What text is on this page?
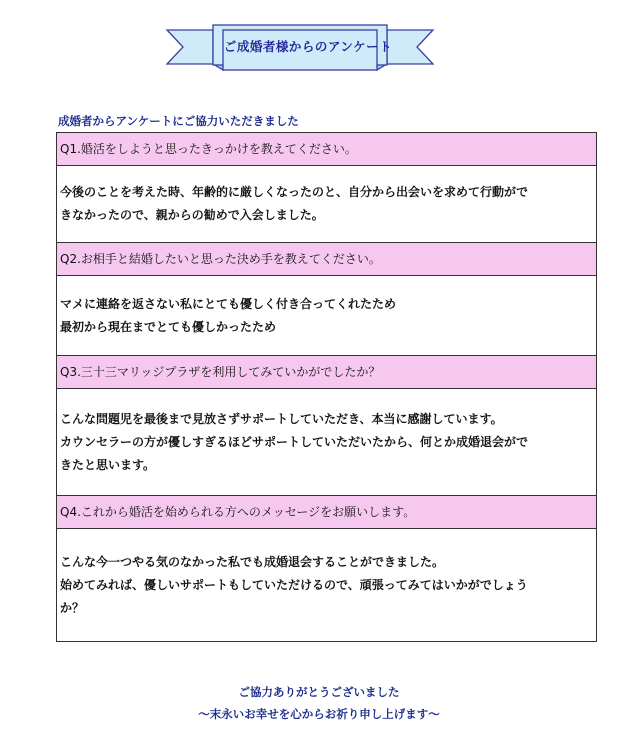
ご成婚者様からのアンケート
成婚者からアンケートにご協力いただきました
Q1.婚活をしようと思ったきっかけを教えてください。
今後のことを考えた時、年齢的に厳しくなったのと、自分から出会いを求めて行動がで
きなかったので、親からの勧めで入会しました。
Q2.お相手と結婚したいと思った決め手を教えてください。
マメに連絡を返さない私にとても優しく付き合ってくれたため
最初から現在までとても優しかったため
Q3.三十三マリッジプラザを利用してみていかがでしたか？
こんな問題児を最後まで見放さずサポートしていただき、本当に感謝しています。
カウンセラーの方が優しすぎるほどサポートしていただいたから、何とか成婚退会がで
きたと思います。
Q4.これから婚活を始められる方へのメッセージをお願いします。
こんな今一つやる気のなかった私でも成婚退会することができました。
始めてみれば、優しいサポートもしていただけるので、頑張ってみてはいかがでしょう
か？
ご協力ありがとうございました
〜末永いお幸せを心からお祈り申し上げます〜
